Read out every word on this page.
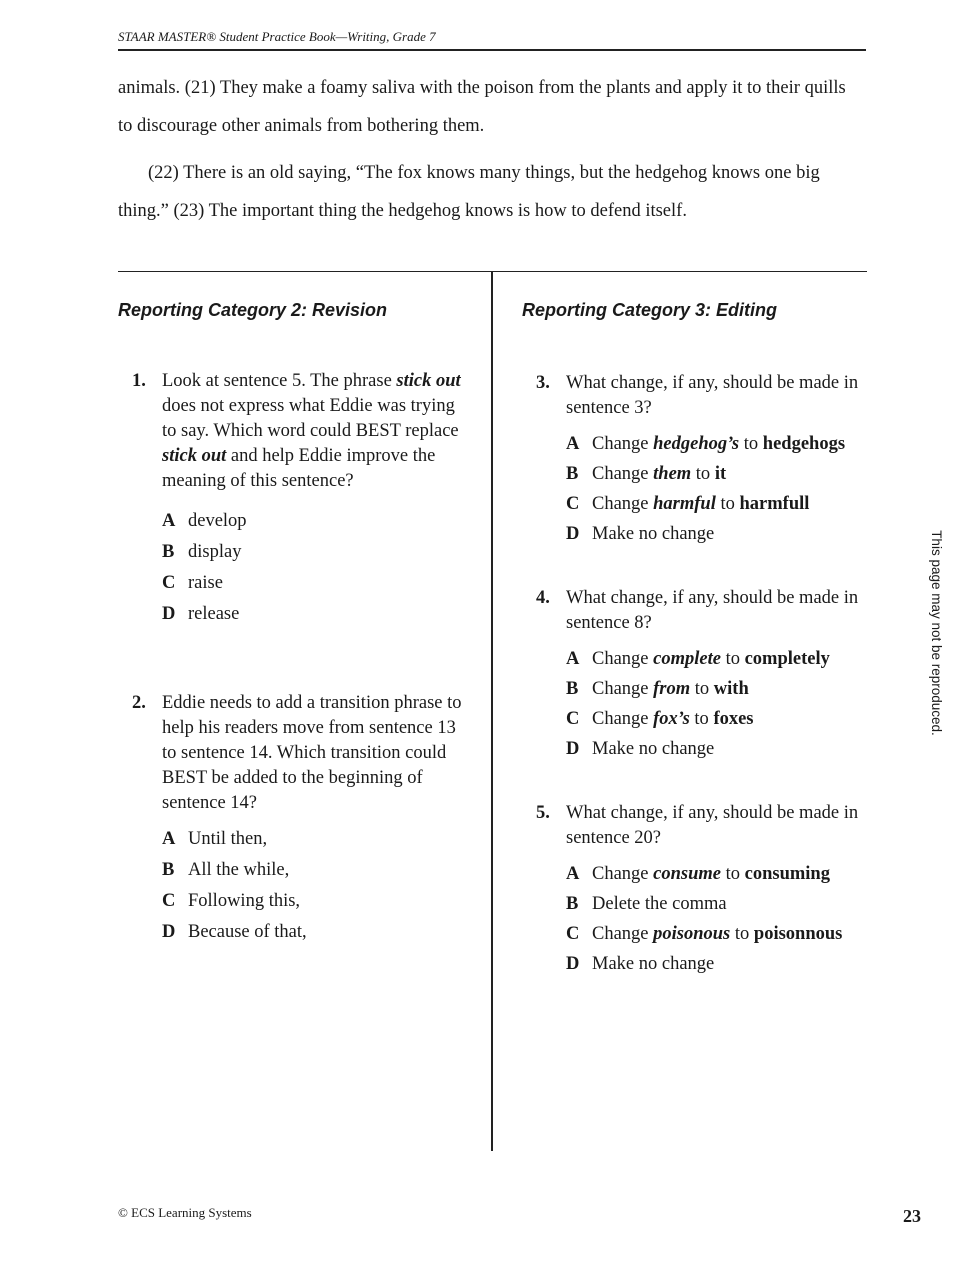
STAAR MASTER® Student Practice Book—Writing, Grade 7
animals. (21) They make a foamy saliva with the poison from the plants and apply it to their quills to discourage other animals from bothering them.
(22) There is an old saying, “The fox knows many things, but the hedgehog knows one big thing.” (23) The important thing the hedgehog knows is how to defend itself.
Reporting Category 2: Revision	Reporting Category 3: Editing
1. Look at sentence 5. The phrase stick out does not express what Eddie was trying to say. Which word could BEST replace stick out and help Eddie improve the meaning of this sentence?
A develop
B display
C raise
D release
2. Eddie needs to add a transition phrase to help his readers move from sentence 13 to sentence 14. Which transition could BEST be added to the beginning of sentence 14?
A Until then,
B All the while,
C Following this,
D Because of that,
3. What change, if any, should be made in sentence 3?
A Change hedgehog’s to hedgehogs
B Change them to it
C Change harmful to harmfull
D Make no change
4. What change, if any, should be made in sentence 8?
A Change complete to completely
B Change from to with
C Change fox’s to foxes
D Make no change
5. What change, if any, should be made in sentence 20?
A Change consume to consuming
B Delete the comma
C Change poisonous to poisonnous
D Make no change
This page may not be reproduced.
© ECS Learning Systems	23
